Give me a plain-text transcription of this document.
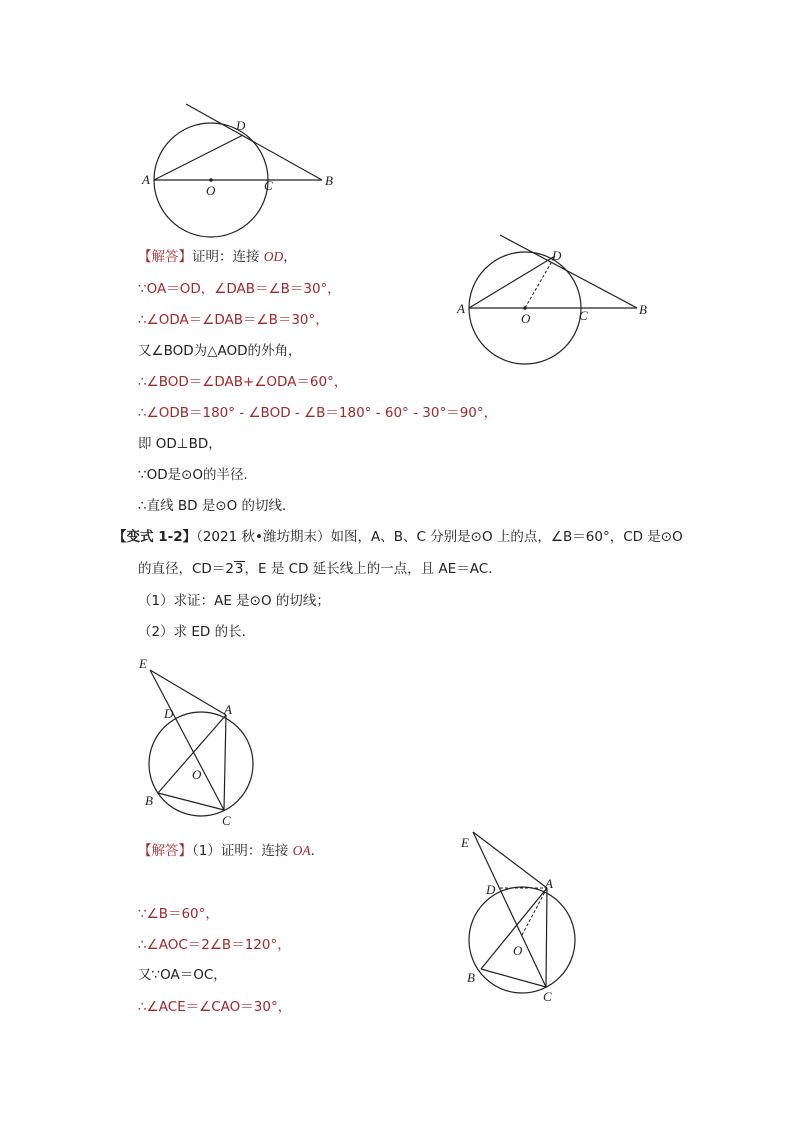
A
O	C	B
D
A
O	C	B
D
【解答】证明：连接 OD，
∵OA＝OD，∠DAB＝∠B＝30°，
∴∠ODA＝∠DAB＝∠B＝30°，
又∠BOD为△AOD的外角，
∴∠BOD＝∠DAB+∠ODA＝60°，
∴∠ODB＝180° - ∠BOD - ∠B＝180° - 60° - 30°＝90°，
即 OD⊥BD，
∵OD是⊙O的半径．
∴直线 BD 是⊙O 的切线．
【变式 1-2】（2021 秋•潍坊期末）如图，A、B、C 分别是⊙O 上的点，∠B＝60°，CD 是⊙O
的直径，CD＝23，E 是 CD 延长线上的一点，且 AE＝AC．
（1）求证：AE 是⊙O 的切线；
（2）求 ED 的长．
E
D	A
O
B
C
E
D	A
O
B
C
【解答】（1）证明：连接 OA．
∵∠B＝60°，
∴∠AOC＝2∠B＝120°，
又∵OA＝OC，
∴∠ACE＝∠CAO＝30°，
